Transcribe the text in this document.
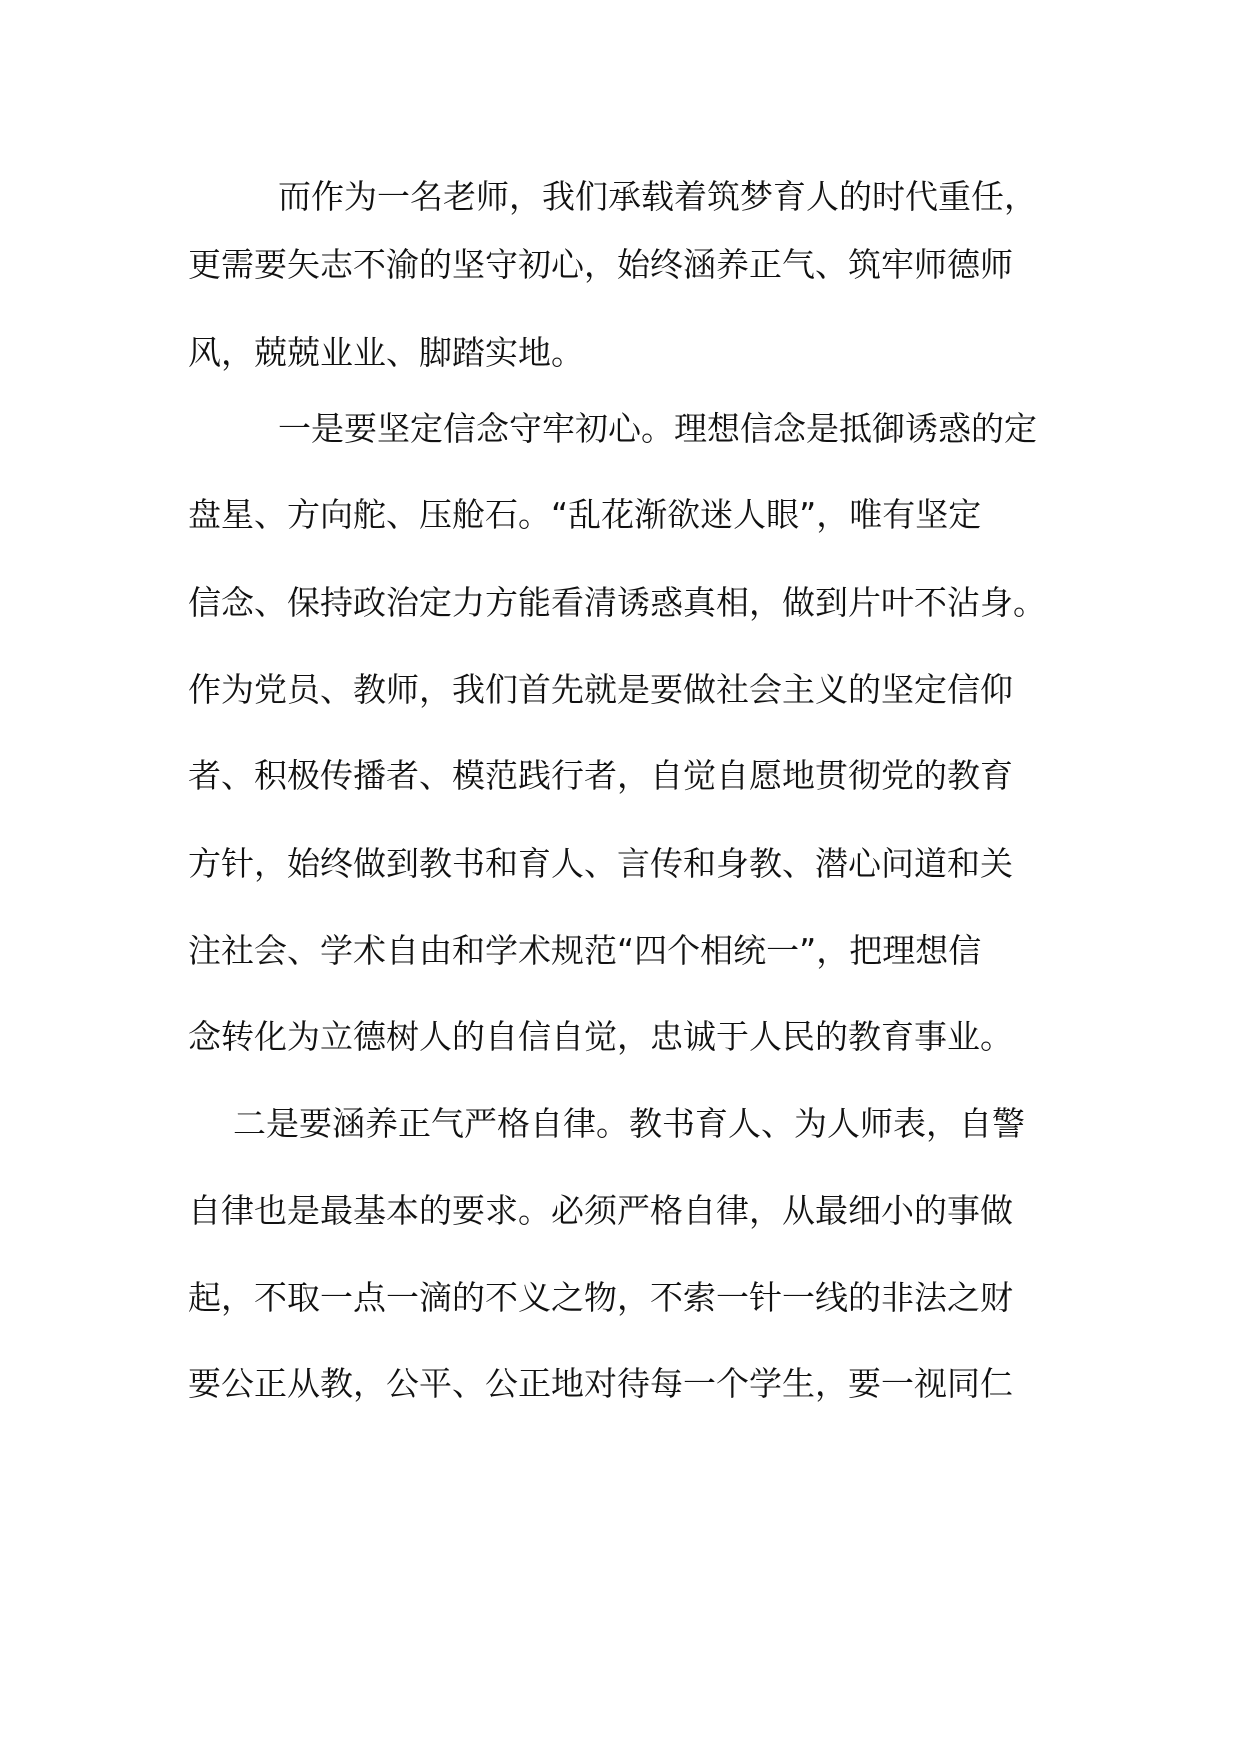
而作为一名老师，我们承载着筑梦育人的时代重任，
更需要矢志不渝的坚守初心，始终涵养正气、筑牢师德师
风，兢兢业业、脚踏实地。
一是要坚定信念守牢初心。理想信念是抵御诱惑的定
盘星、方向舵、压舱石。“乱花渐欲迷人眼”，唯有坚定
信念、保持政治定力方能看清诱惑真相，做到片叶不沾身。
作为党员、教师，我们首先就是要做社会主义的坚定信仰
者、积极传播者、模范践行者，自觉自愿地贯彻党的教育
方针，始终做到教书和育人、言传和身教、潜心问道和关
注社会、学术自由和学术规范“四个相统一”，把理想信
念转化为立德树人的自信自觉，忠诚于人民的教育事业。
二是要涵养正气严格自律。教书育人、为人师表，自警
自律也是最基本的要求。必须严格自律，从最细小的事做
起，不取一点一滴的不义之物，不索一针一线的非法之财
要公正从教，公平、公正地对待每一个学生，要一视同仁
